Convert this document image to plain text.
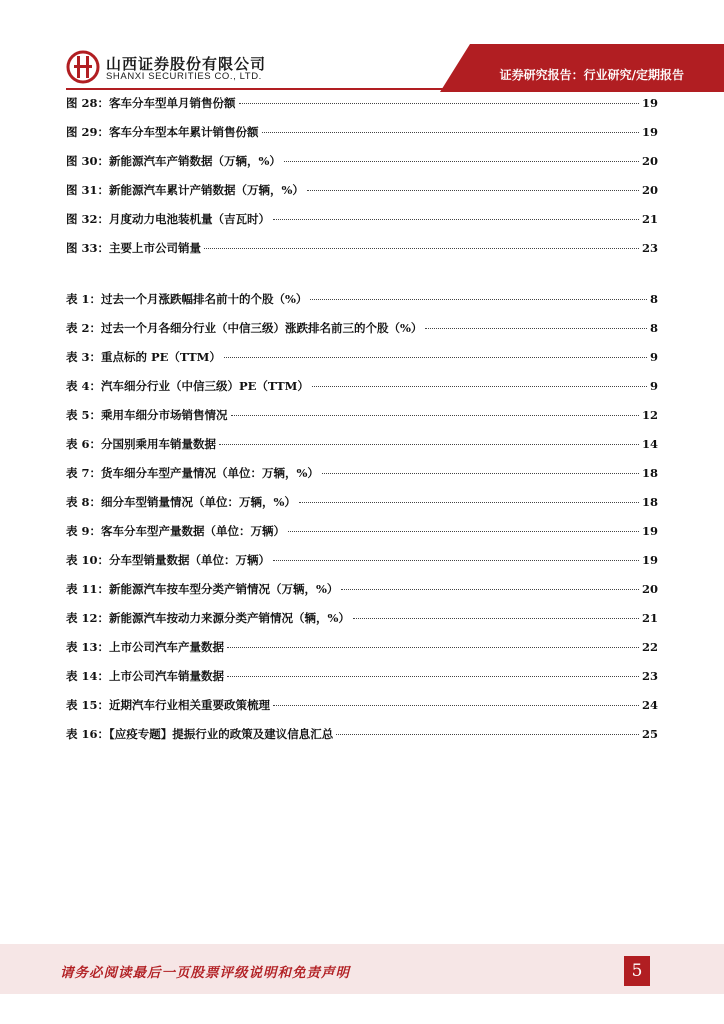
山西证券股份有限公司
SHANXI SECURITIES CO., LTD.	证券研究报告：行业研究/定期报告
图 28：客车分车型单月销售份额	19
图 29：客车分车型本年累计销售份额	19
图 30：新能源汽车产销数据（万辆，%）	20
图 31：新能源汽车累计产销数据（万辆，%）	20
图 32：月度动力电池装机量（吉瓦时）	21
图 33：主要上市公司销量	23
表 1：过去一个月涨跌幅排名前十的个股（%）	8
表 2：过去一个月各细分行业（中信三级）涨跌排名前三的个股（%）	8
表 3：重点标的 PE（TTM）	9
表 4：汽车细分行业（中信三级）PE（TTM）	9
表 5：乘用车细分市场销售情况	12
表 6：分国别乘用车销量数据	14
表 7：货车细分车型产量情况（单位：万辆，%）	18
表 8：细分车型销量情况（单位：万辆，%）	18
表 9：客车分车型产量数据（单位：万辆）	19
表 10：分车型销量数据（单位：万辆）	19
表 11：新能源汽车按车型分类产销情况（万辆，%）	20
表 12：新能源汽车按动力来源分类产销情况（辆，%）	21
表 13：上市公司汽车产量数据	22
表 14：上市公司汽车销量数据	23
表 15：近期汽车行业相关重要政策梳理	24
表 16：【应疫专题】提振行业的政策及建议信息汇总	25
请务必阅读最后一页股票评级说明和免责声明	5
